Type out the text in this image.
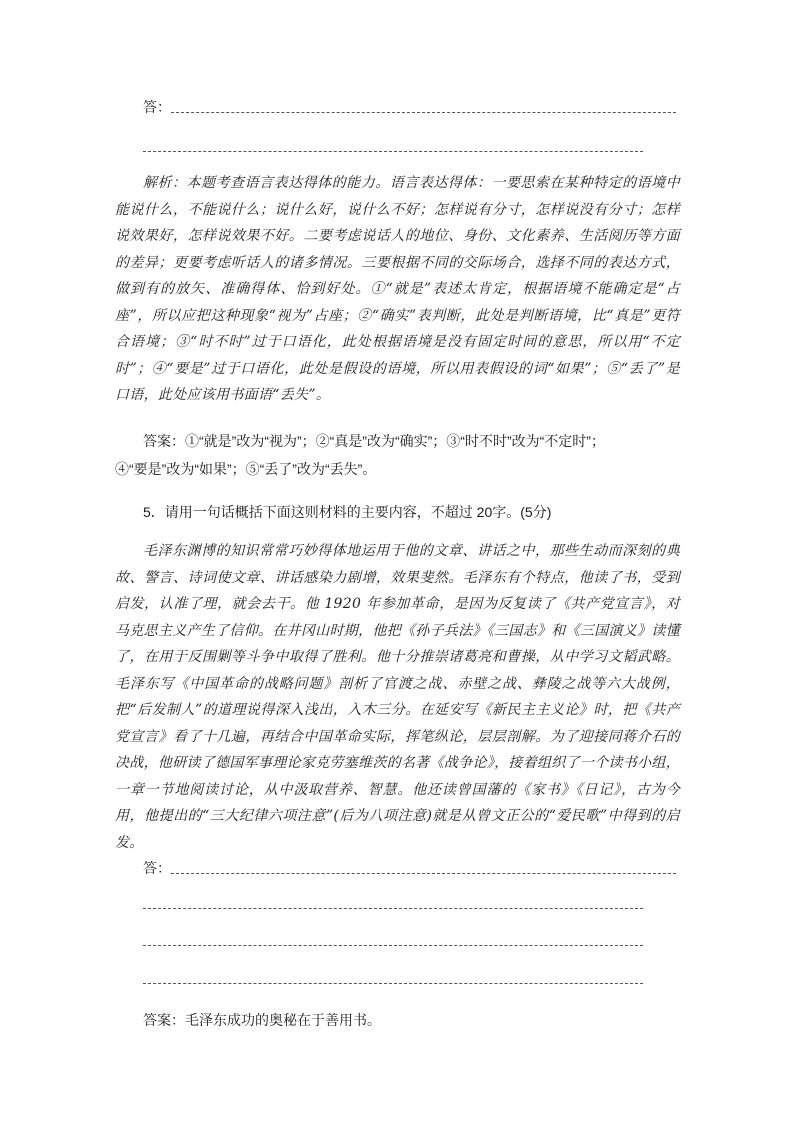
答：
解析：本题考查语言表达得体的能力。语言表达得体：一要思索在某种特定的语境中能说什么，不能说什么；说什么好，说什么不好；怎样说有分寸，怎样说没有分寸；怎样说效果好，怎样说效果不好。二要考虑说话人的地位、身份、文化素养、生活阅历等方面的差异；更要考虑听话人的诸多情况。三要根据不同的交际场合，选择不同的表达方式，做到有的放矢、准确得体、恰到好处。①“就是”表述太肯定，根据语境不能确定是“占座”，所以应把这种现象“视为”占座；②“确实”表判断，此处是判断语境，比“真是”更符合语境；③“时不时”过于口语化，此处根据语境是没有固定时间的意思，所以用“不定时”；④“要是”过于口语化，此处是假设的语境，所以用表假设的词“如果”；⑤“丢了”是口语，此处应该用书面语“丢失”。
答案：①“就是”改为“视为”；②“真是”改为“确实”；③“时不时”改为“不定时”；
④“要是”改为“如果”；⑤“丢了”改为“丢失”。
5．请用一句话概括下面这则材料的主要内容，不超过 20字。(5分)
毛泽东渊博的知识常常巧妙得体地运用于他的文章、讲话之中，那些生动而深刻的典故、警言、诗词使文章、讲话感染力剧增，效果斐然。毛泽东有个特点，他读了书，受到启发，认准了理，就会去干。他 1920 年参加革命，是因为反复读了《共产党宣言》，对马克思主义产生了信仰。在井冈山时期，他把《孙子兵法》《三国志》和《三国演义》读懂了，在用于反围剿等斗争中取得了胜利。他十分推崇诸葛亮和曹操，从中学习文韬武略。毛泽东写《中国革命的战略问题》剖析了官渡之战、赤壁之战、彝陵之战等六大战例，把“后发制人”的道理说得深入浅出，入木三分。在延安写《新民主主义论》时，把《共产党宣言》看了十几遍，再结合中国革命实际，挥笔纵论，层层剖解。为了迎接同蒋介石的决战，他研读了德国军事理论家克劳塞维茨的名著《战争论》，接着组织了一个读书小组，一章一节地阅读讨论，从中汲取营养、智慧。他还读曾国藩的《家书》《日记》，古为今用，他提出的“三大纪律六项注意”(后为八项注意)就是从曾文正公的“爱民歌”中得到的启发。
答：
答案：毛泽东成功的奥秘在于善用书。
